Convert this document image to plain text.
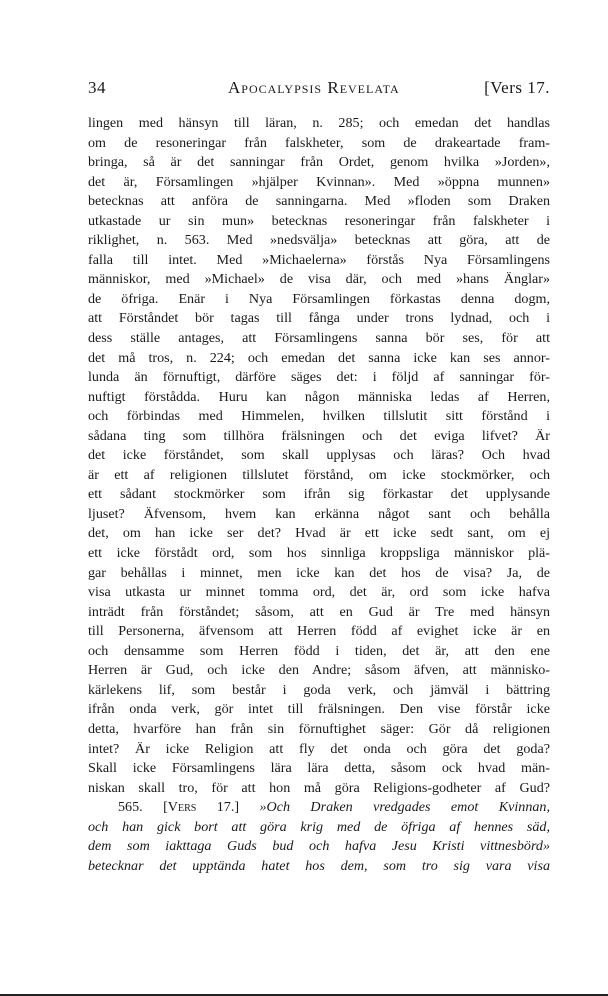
34	Apocalypsis Revelata	[Vers 17.
lingen med hänsyn till läran, n. 285; och emedan det handlas
om de resoneringar från falskheter, som de drakeartade fram-
bringa, så är det sanningar från Ordet, genom hvilka »Jorden»,
det är, Församlingen »hjälper Kvinnan». Med »öppna munnen»
betecknas att anföra de sanningarna. Med »floden som Draken
utkastade ur sin mun» betecknas resoneringar från falskheter i
riklighet, n. 563. Med »nedsvälja» betecknas att göra, att de
falla till intet. Med »Michaelerna» förstås Nya Församlingens
människor, med »Michael» de visa där, och med »hans Änglar»
de öfriga. Enär i Nya Församlingen förkastas denna dogm,
att Förståndet bör tagas till fånga under trons lydnad, och i
dess ställe antages, att Församlingens sanna bör ses, för att
det må tros, n. 224; och emedan det sanna icke kan ses annor-
lunda än förnuftigt, därföre säges det: i följd af sanningar för-
nuftigt förstådda. Huru kan någon människa ledas af Herren,
och förbindas med Himmelen, hvilken tillslutit sitt förstånd i
sådana ting som tillhöra frälsningen och det eviga lifvet? Är
det icke förståndet, som skall upplysas och läras? Och hvad
är ett af religionen tillslutet förstånd, om icke stockmörker, och
ett sådant stockmörker som ifrån sig förkastar det upplysande
ljuset? Äfvensom, hvem kan erkänna något sant och behålla
det, om han icke ser det? Hvad är ett icke sedt sant, om ej
ett icke förstådt ord, som hos sinnliga kroppsliga människor plä-
gar behållas i minnet, men icke kan det hos de visa? Ja, de
visa utkasta ur minnet tomma ord, det är, ord som icke hafva
inträdt från förståndet; såsom, att en Gud är Tre med hänsyn
till Personerna, äfvensom att Herren född af evighet icke är en
och densamme som Herren född i tiden, det är, att den ene
Herren är Gud, och icke den Andre; såsom äfven, att människo-
kärlekens lif, som består i goda verk, och jämväl i bättring
ifrån onda verk, gör intet till frälsningen. Den vise förstår icke
detta, hvarföre han från sin förnuftighet säger: Gör då religionen
intet? Är icke Religion att fly det onda och göra det goda?
Skall icke Församlingens lära lära detta, såsom ock hvad män-
niskan skall tro, för att hon må göra Religions-godheter af Gud?
565. [Vers 17.] »Och Draken vredgades emot Kvinnan,
och han gick bort att göra krig med de öfriga af hennes säd,
dem som iakttaga Guds bud och hafva Jesu Kristi vittnesbörd»
betecknar det upptända hatet hos dem, som tro sig vara visa
